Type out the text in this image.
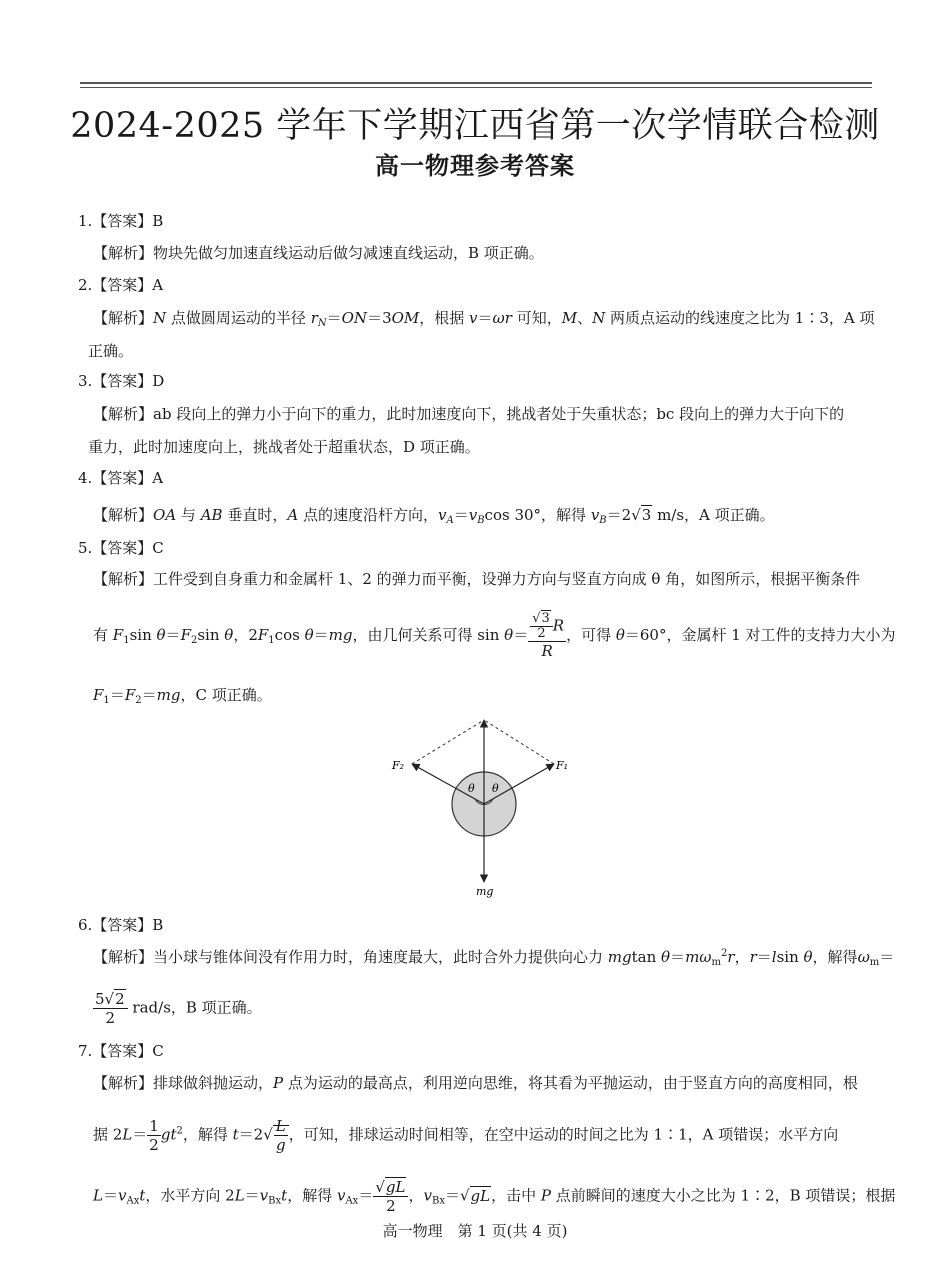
2024-2025 学年下学期江西省第一次学情联合检测
高一物理参考答案
1.【答案】B
【解析】物块先做匀加速直线运动后做匀减速直线运动，B 项正确。
2.【答案】A
【解析】N 点做圆周运动的半径 $r_N=ON=3OM$，根据 v＝ωr 可知，M、N 两质点运动的线速度之比为 1∶3，A 项
正确。
3.【答案】D
【解析】ab 段向上的弹力小于向下的重力，此时加速度向下，挑战者处于失重状态；bc 段向上的弹力大于向下的
重力，此时加速度向上，挑战者处于超重状态，D 项正确。
4.【答案】A
【解析】OA 与 AB 垂直时，A 点的速度沿杆方向，$v_A=v_B\cos$ 30°，解得 $v_B=2√3$ m/s，A 项正确。
5.【答案】C
【解析】工件受到自身重力和金属杆 1、2 的弹力而平衡，设弹力方向与竖直方向成 θ 角，如图所示，根据平衡条件
有 $F_1\sin$ $\theta=F_2\sin$ θ，$2F_1\cos$ θ＝mg，由几何关系可得 $\sin \theta= \frac{\frac{√3}{2} R}{R}$ ，可得 θ＝60°，金属杆 1 对工件的支持力大小为
$F_1=F_2=mg$，C 项正确。
F₁
F₂
θ θ
mg
6.【答案】B
【解析】当小球与锥体间没有作用力时，角速度最大，此时合外力提供向心力 mgtan $\theta=m\omega_m^2r$，r＝lsin θ，解得$\omega_m=$
$\frac{5√2}{2} rad/s$，B 项正确。
7.【答案】C
【解析】排球做斜抛运动，P 点为运动的最高点，利用逆向思维，将其看为平抛运动，由于竖直方向的高度相同，根
据 $2L= \frac{1}{2} gt^2$，解得 $t=2√ \frac{L}{g}$ ，可知，排球运动时间相等，在空中运动的时间之比为 1∶1，A 项错误；水平方向
$L=v_{Ax}t$，水平方向 $2L=v_{Bx}t$，解得 $v_{Ax}= \frac{√gL}{2}$ ，$v_{Bx}=√gL$，击中 P 点前瞬间的速度大小之比为 1∶2，B 项错误；根据
高一物理　第 1 页(共 4 页)
